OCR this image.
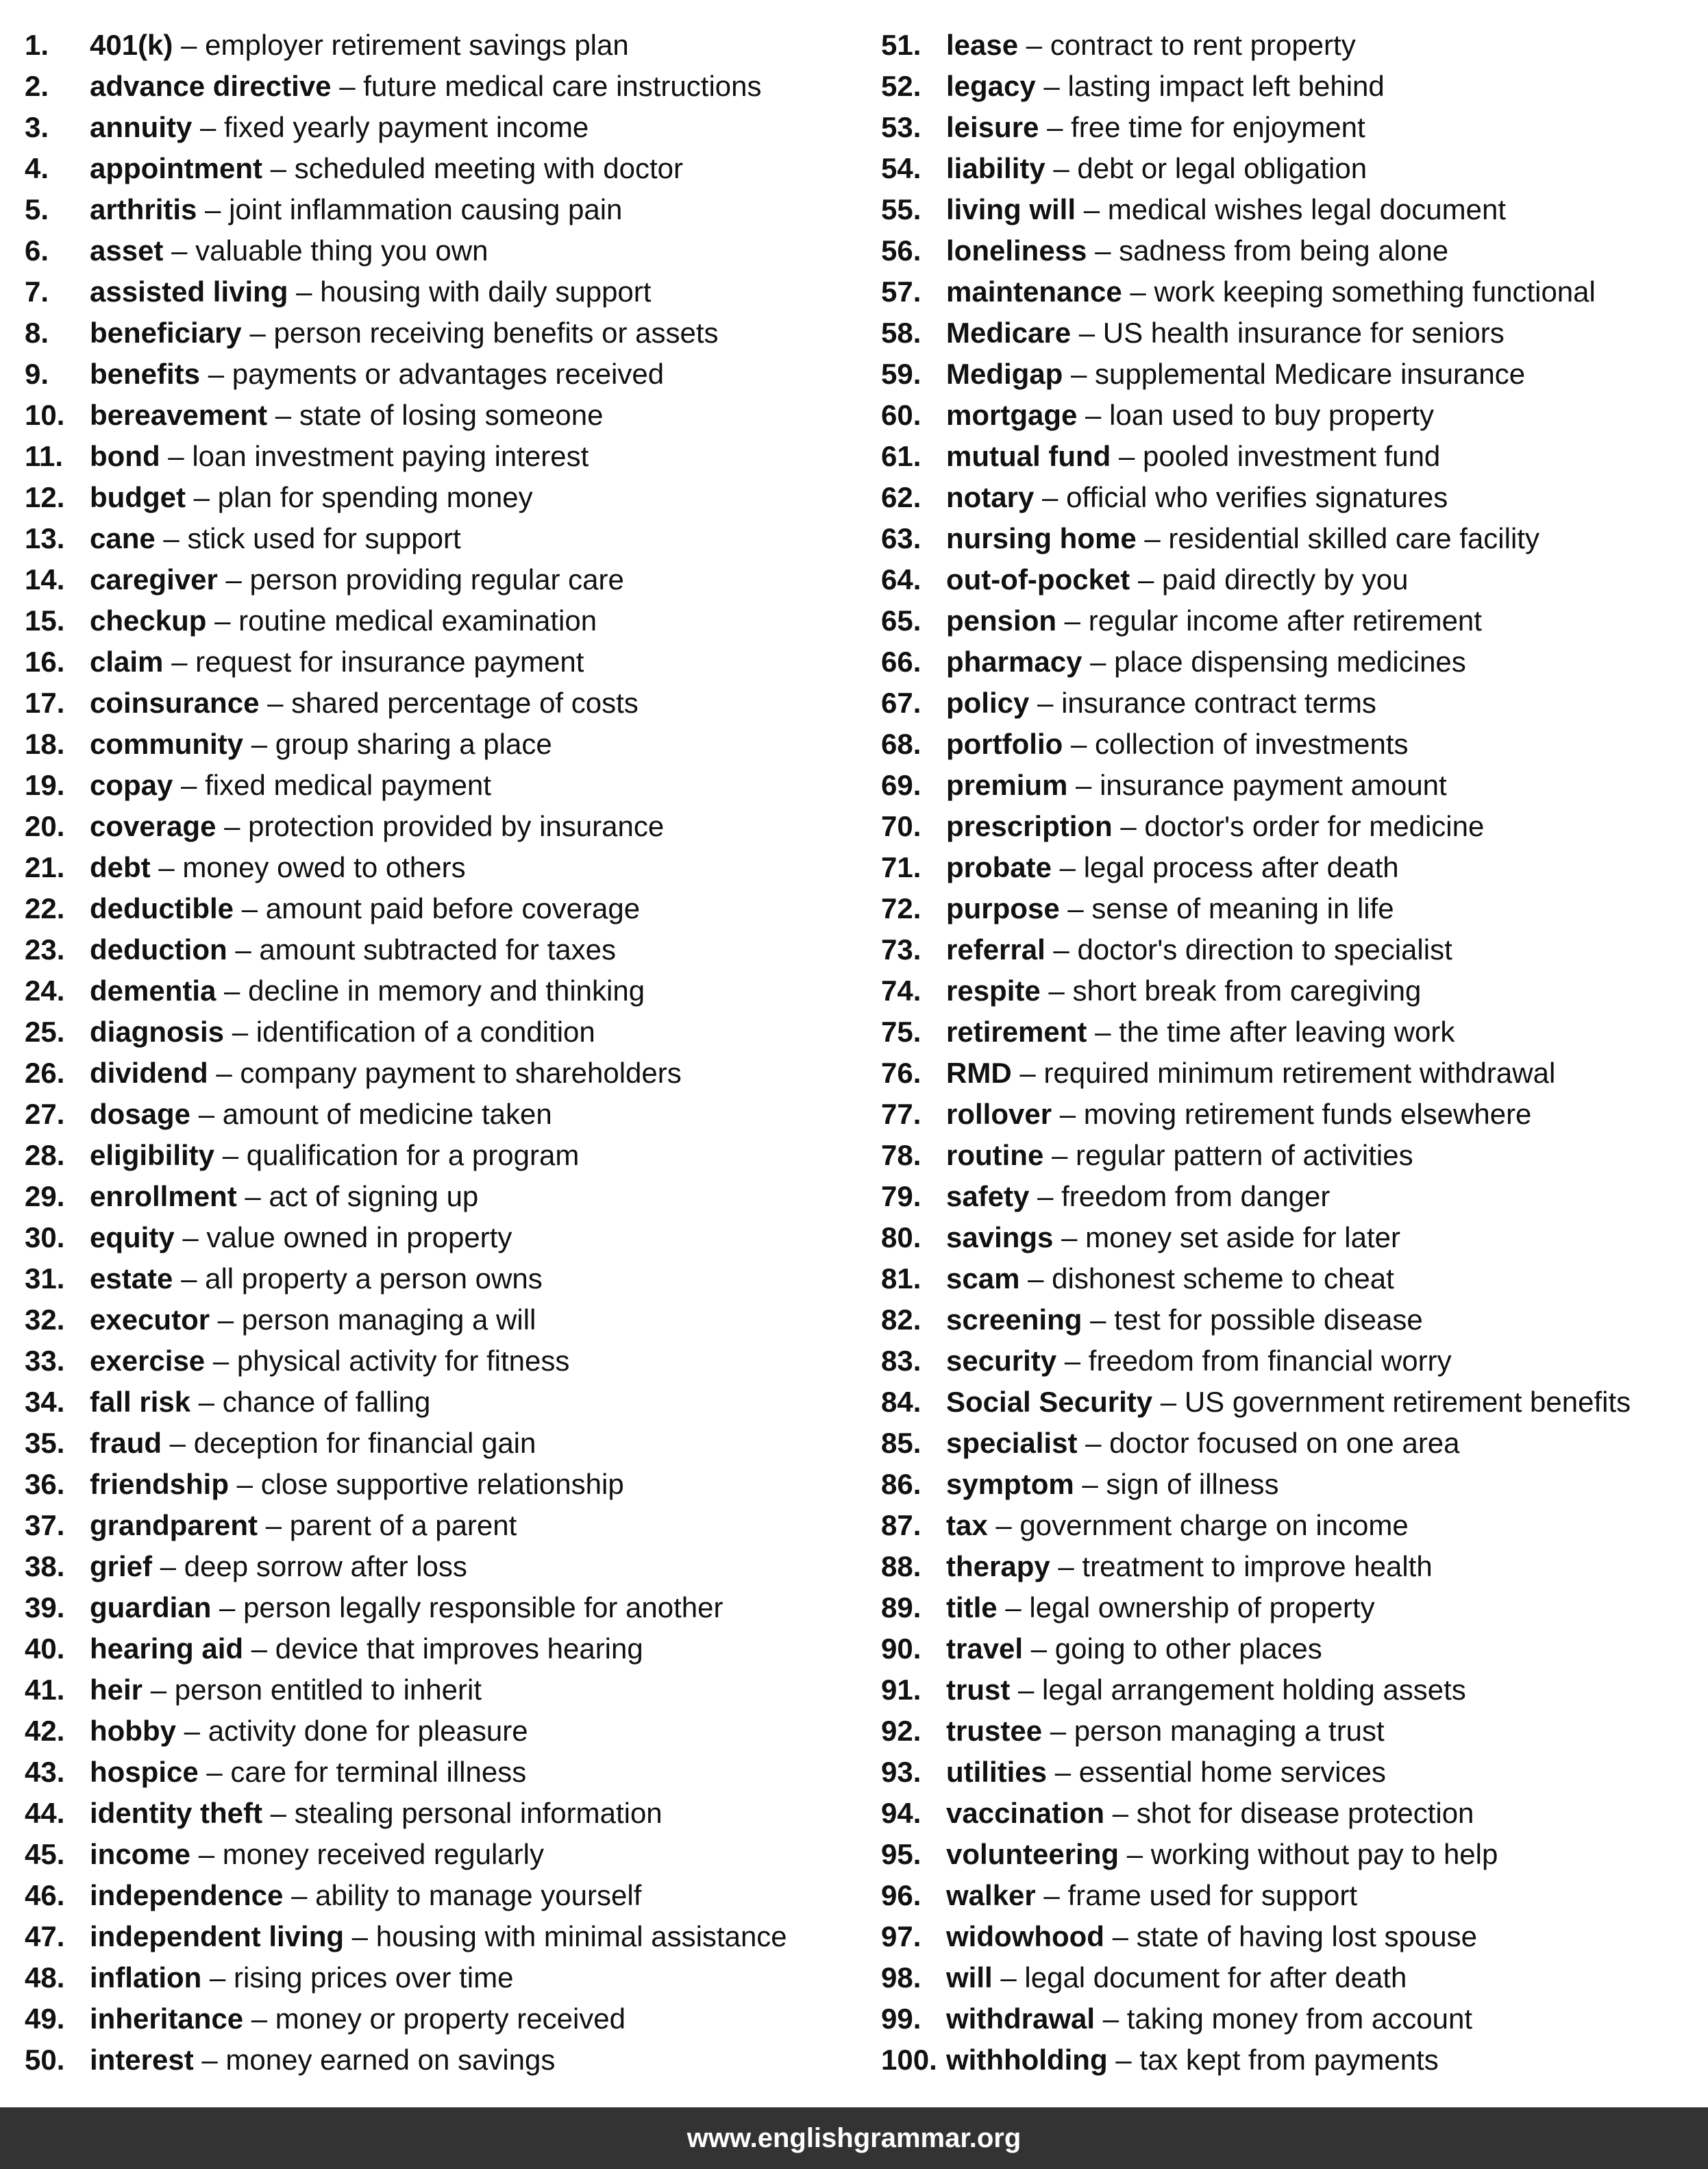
1.	401(k) – employer retirement savings plan
2.	advance directive – future medical care instructions
3.	annuity – fixed yearly payment income
4.	appointment – scheduled meeting with doctor
5.	arthritis – joint inflammation causing pain
6.	asset – valuable thing you own
7.	assisted living – housing with daily support
8.	beneficiary – person receiving benefits or assets
9.	benefits – payments or advantages received
10. bereavement – state of losing someone
11. bond – loan investment paying interest
12. budget – plan for spending money
13. cane – stick used for support
14. caregiver – person providing regular care
15. checkup – routine medical examination
16. claim – request for insurance payment
17. coinsurance – shared percentage of costs
18. community – group sharing a place
19. copay – fixed medical payment
20. coverage – protection provided by insurance
21. debt – money owed to others
22. deductible – amount paid before coverage
23. deduction – amount subtracted for taxes
24. dementia – decline in memory and thinking
25. diagnosis – identification of a condition
26. dividend – company payment to shareholders
27. dosage – amount of medicine taken
28. eligibility – qualification for a program
29. enrollment – act of signing up
30. equity – value owned in property
31. estate – all property a person owns
32. executor – person managing a will
33. exercise – physical activity for fitness
34. fall risk – chance of falling
35. fraud – deception for financial gain
36. friendship – close supportive relationship
37. grandparent – parent of a parent
38. grief – deep sorrow after loss
39. guardian – person legally responsible for another
40. hearing aid – device that improves hearing
41. heir – person entitled to inherit
42. hobby – activity done for pleasure
43. hospice – care for terminal illness
44. identity theft – stealing personal information
45. income – money received regularly
46. independence – ability to manage yourself
47. independent living – housing with minimal assistance
48. inflation – rising prices over time
49. inheritance – money or property received
50. interest – money earned on savings
51. lease – contract to rent property
52. legacy – lasting impact left behind
53. leisure – free time for enjoyment
54. liability – debt or legal obligation
55. living will – medical wishes legal document
56. loneliness – sadness from being alone
57. maintenance – work keeping something functional
58. Medicare – US health insurance for seniors
59. Medigap – supplemental Medicare insurance
60. mortgage – loan used to buy property
61. mutual fund – pooled investment fund
62. notary – official who verifies signatures
63. nursing home – residential skilled care facility
64. out-of-pocket – paid directly by you
65. pension – regular income after retirement
66. pharmacy – place dispensing medicines
67. policy – insurance contract terms
68. portfolio – collection of investments
69. premium – insurance payment amount
70. prescription – doctor's order for medicine
71. probate – legal process after death
72. purpose – sense of meaning in life
73. referral – doctor's direction to specialist
74. respite – short break from caregiving
75. retirement – the time after leaving work
76. RMD – required minimum retirement withdrawal
77. rollover – moving retirement funds elsewhere
78. routine – regular pattern of activities
79. safety – freedom from danger
80. savings – money set aside for later
81. scam – dishonest scheme to cheat
82. screening – test for possible disease
83. security – freedom from financial worry
84. Social Security – US government retirement benefits
85. specialist – doctor focused on one area
86. symptom – sign of illness
87. tax – government charge on income
88. therapy – treatment to improve health
89. title – legal ownership of property
90. travel – going to other places
91. trust – legal arrangement holding assets
92. trustee – person managing a trust
93. utilities – essential home services
94. vaccination – shot for disease protection
95. volunteering – working without pay to help
96. walker – frame used for support
97. widowhood – state of having lost spouse
98. will – legal document for after death
99. withdrawal – taking money from account
100. withholding – tax kept from payments
www.englishgrammar.org
